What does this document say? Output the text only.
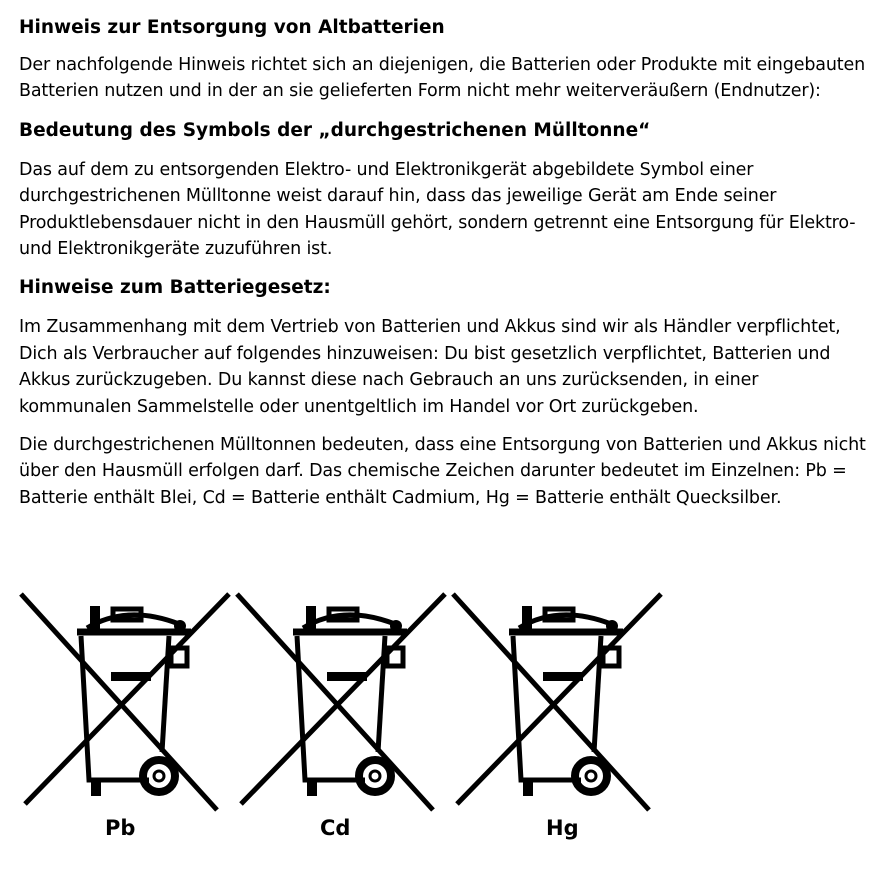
Hinweis zur Entsorgung von Altbatterien

Der nachfolgende Hinweis richtet sich an diejenigen, die Batterien oder Produkte mit eingebauten Batterien nutzen und in der an sie gelieferten Form nicht mehr weiterveräußern (Endnutzer):

Bedeutung des Symbols der „durchgestrichenen Mülltonne“

Das auf dem zu entsorgenden Elektro- und Elektronikgerät abgebildete Symbol einer durchgestrichenen Mülltonne weist darauf hin, dass das jeweilige Gerät am Ende seiner Produktlebensdauer nicht in den Hausmüll gehört, sondern getrennt eine Entsorgung für Elektro- und Elektronikgeräte zuzuführen ist.

Hinweise zum Batteriegesetz:

Im Zusammenhang mit dem Vertrieb von Batterien und Akkus sind wir als Händler verpflichtet, Dich als Verbraucher auf folgendes hinzuweisen: Du bist gesetzlich verpflichtet, Batterien und Akkus zurückzugeben. Du kannst diese nach Gebrauch an uns zurücksenden, in einer kommunalen Sammelstelle oder unentgeltlich im Handel vor Ort zurückgeben.

Die durchgestrichenen Mülltonnen bedeuten, dass eine Entsorgung von Batterien und Akkus nicht über den Hausmüll erfolgen darf. Das chemische Zeichen darunter bedeutet im Einzelnen: Pb = Batterie enthält Blei, Cd = Batterie enthält Cadmium, Hg = Batterie enthält Quecksilber.

Pb	Cd	Hg
